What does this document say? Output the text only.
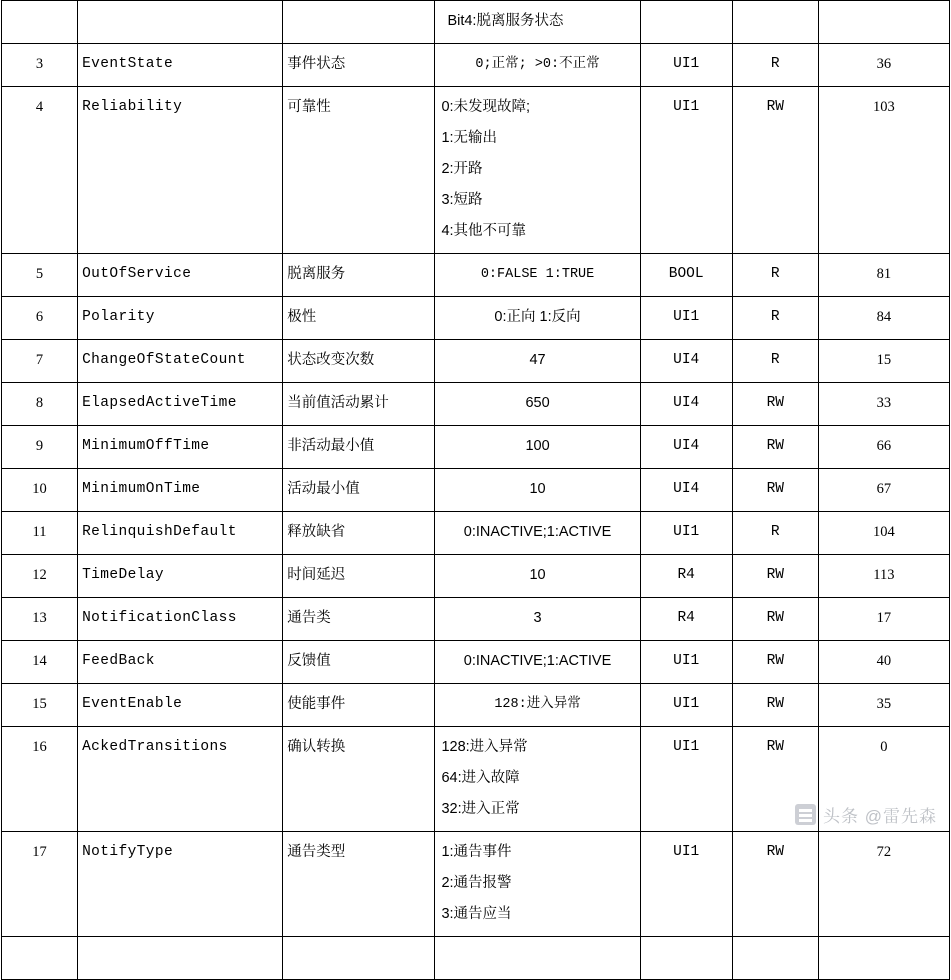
			Bit4:脱离服务状态			

3	EventState	事件状态	0;正常; >0:不正常	UI1	R	36
4	Reliability	可靠性	0:未发现故障;
1:无输出
2:开路
3:短路
4:其他不可靠	UI1	RW	103
5	OutOfService	脱离服务	0:FALSE 1:TRUE	BOOL	R	81
6	Polarity	极性	0:正向 1:反向	UI1	R	84
7	ChangeOfStateCount	状态改变次数	47	UI4	R	15
8	ElapsedActiveTime	当前值活动累计	650	UI4	RW	33
9	MinimumOffTime	非活动最小值	100	UI4	RW	66
10	MinimumOnTime	活动最小值	10	UI4	RW	67
11	RelinquishDefault	释放缺省	0:INACTIVE;1:ACTIVE	UI1	R	104
12	TimeDelay	时间延迟	10	R4	RW	113
13	NotificationClass	通告类	3	R4	RW	17
14	FeedBack	反馈值	0:INACTIVE;1:ACTIVE	UI1	RW	40
15	EventEnable	使能事件	128:进入异常	UI1	RW	35
16	AckedTransitions	确认转换	128:进入异常
64:进入故障
32:进入正常	UI1	RW	0
17	NotifyType	通告类型	1:通告事件
2:通告报警
3:通告应当	UI1	RW	72

头条 @雷先森
